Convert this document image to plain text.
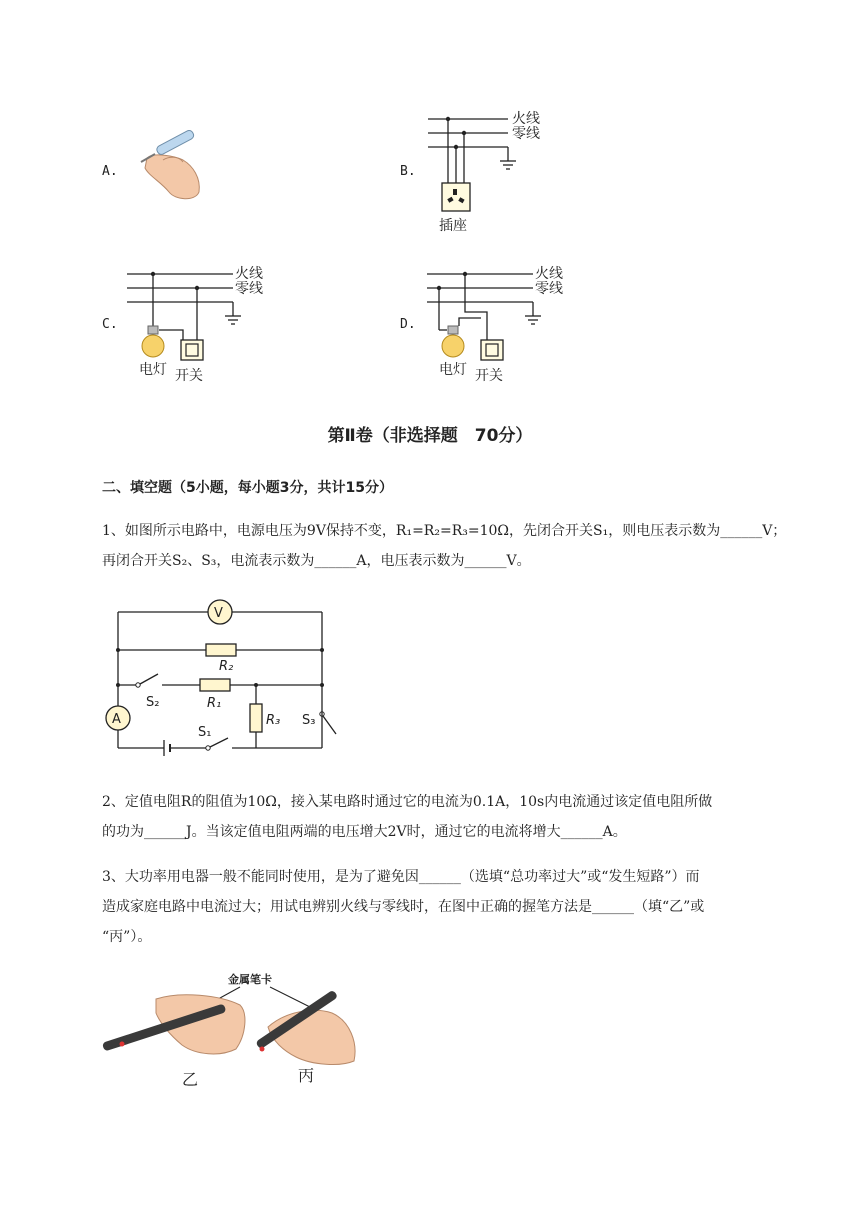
A.	B.
火线
零线
插座
C.
火线
零线
电灯 开关
D.
火线
零线
电灯 开关
第Ⅱ卷（非选择题　70分）
二、填空题（5小题，每小题3分，共计15分）
1、如图所示电路中，电源电压为9V保持不变，R₁=R₂=R₃=10Ω，先闭合开关S₁，则电压表示数为______V；
再闭合开关S₂、S₃，电流表示数为______A，电压表示数为______V。
V
R₂
S₂	R₁
R₃ S₃
A
S₁
2、定值电阻R的阻值为10Ω，接入某电路时通过它的电流为0.1A，10s内电流通过该定值电阻所做
的功为______J。当该定值电阻两端的电压增大2V时，通过它的电流将增大______A。
3、大功率用电器一般不能同时使用，是为了避免因______（选填“总功率过大”或“发生短路”）而
造成家庭电路中电流过大；用试电辨别火线与零线时，在图中正确的握笔方法是______（填“乙”或
“丙”）。
金属笔卡
乙	丙
